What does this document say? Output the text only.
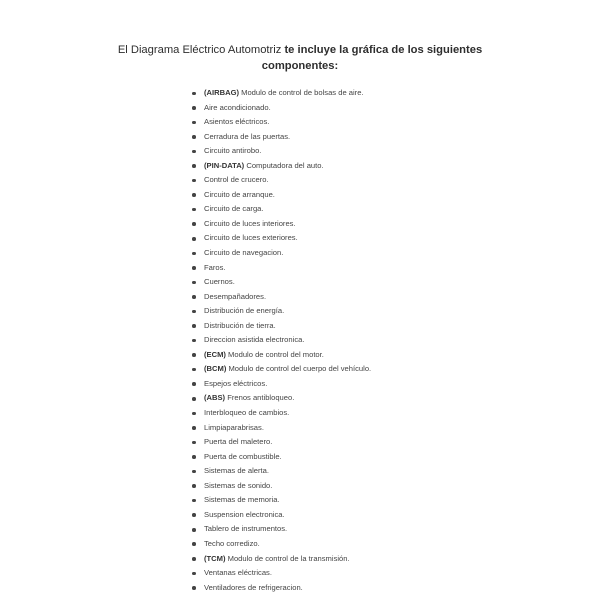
El Diagrama Eléctrico Automotriz te incluye la gráfica de los siguientes
componentes:
(AIRBAG) Modulo de control de bolsas de aire.
Aire acondicionado.
Asientos eléctricos.
Cerradura de las puertas.
Circuito antirobo.
(PIN-DATA) Computadora del auto.
Control de crucero.
Circuito de arranque.
Circuito de carga.
Circuito de luces interiores.
Circuito de luces exteriores.
Circuito de navegacion.
Faros.
Cuernos.
Desempañadores.
Distribución de energía.
Distribución de tierra.
Direccion asistida electronica.
(ECM) Modulo de control del motor.
(BCM) Modulo de control del cuerpo del vehículo.
Espejos eléctricos.
(ABS) Frenos antibloqueo.
Interbloqueo de cambios.
Limpiaparabrisas.
Puerta del maletero.
Puerta de combustible.
Sistemas de alerta.
Sistemas de sonido.
Sistemas de memoria.
Suspension electronica.
Tablero de instrumentos.
Techo corredizo.
(TCM) Modulo de control de la transmisión.
Ventanas eléctricas.
Ventiladores de refrigeracion.
